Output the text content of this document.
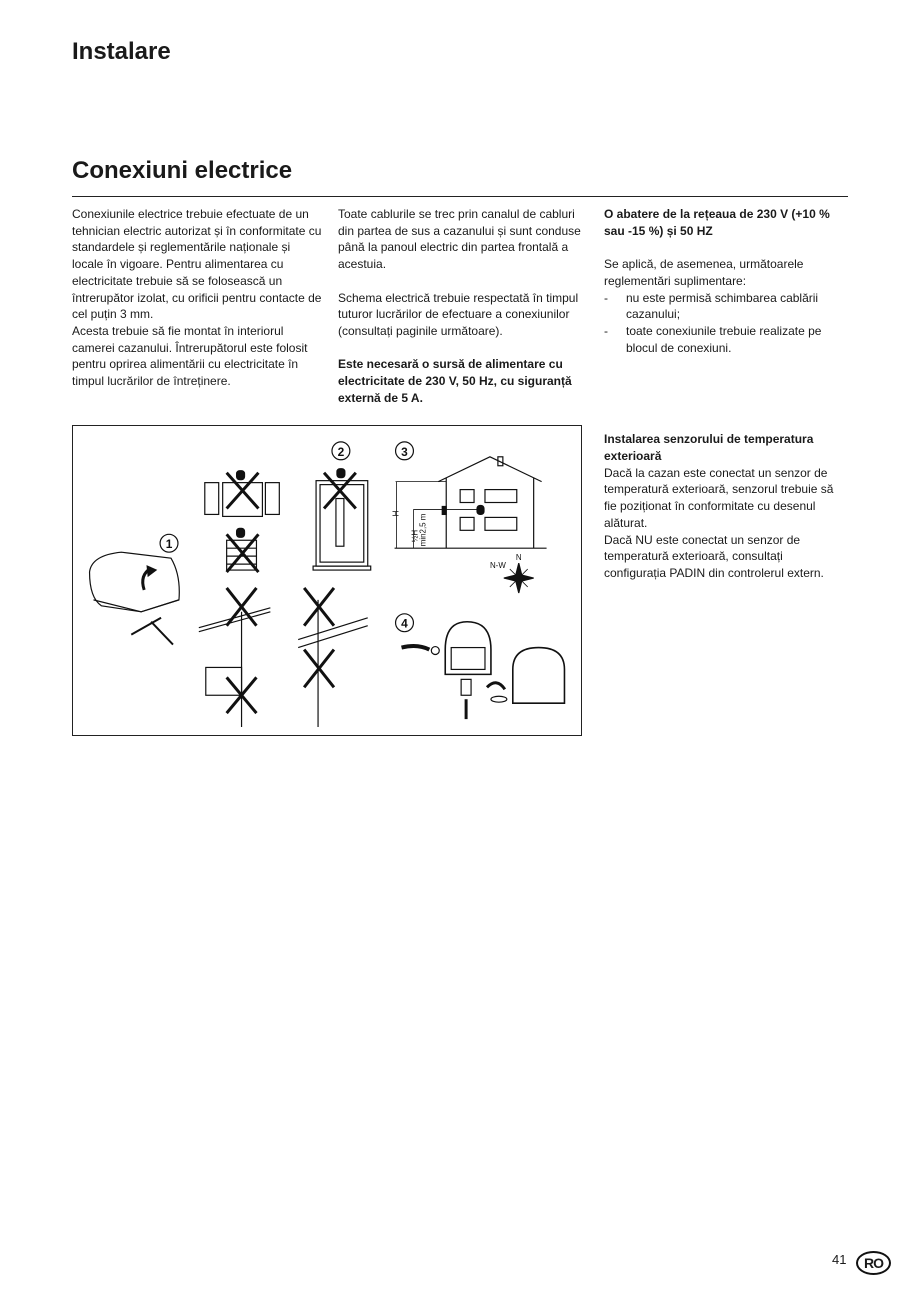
Instalare
Conexiuni electrice

Conexiunile electrice trebuie efectuate de un tehnician electric autorizat și în conformitate cu standardele și reglementările naționale și locale în vigoare. Pentru alimentarea cu electricitate trebuie să se folosească un întrerupător izolat, cu orificii pentru contacte de cel puțin 3 mm.

Acesta trebuie să fie montat în interiorul camerei cazanului. Întrerupătorul este folosit pentru oprirea alimentării cu electricitate în timpul lucrărilor de întreținere.

Toate cablurile se trec prin canalul de cabluri din partea de sus a cazanului și sunt conduse până la panoul electric din partea frontală a acestuia.

Schema electrică trebuie respectată în timpul tuturor lucrărilor de efectuare a conexiunilor (consultați paginile următoare).

Este necesară o sursă de alimentare cu electricitate de 230 V, 50 Hz, cu siguranță externă de 5 A.

O abatere de la rețeaua de 230 V (+10 % sau -15 %) și 50 HZ

Se aplică, de asemenea, următoarele reglementări suplimentare:

-	nu este permisă schimbarea cablării cazanului;
-	toate conexiunile trebuie realizate pe blocul de conexiuni.

Instalarea senzorului de temperatura exterioară

Dacă la cazan este conectat un senzor de temperatură exterioară, senzorul trebuie să fie poziționat în conformitate cu desenul alăturat.

Dacă NU este conectat un senzor de temperatură exterioară, consultați configurația PADIN din controlerul extern.

1
2	3
H
½H
min2,5 m
N
N-W
4
41	RO
